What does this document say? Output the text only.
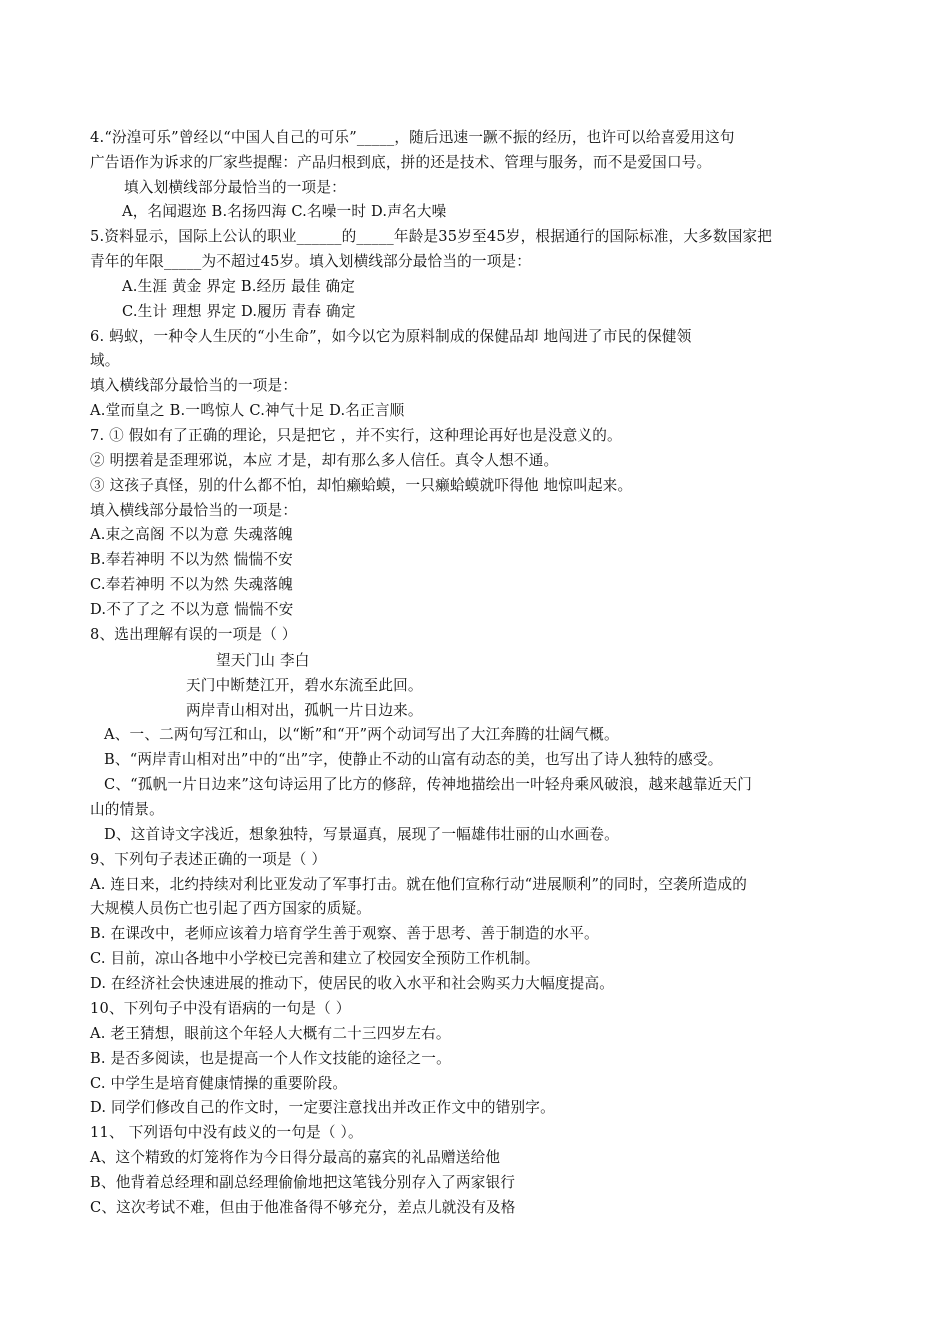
4.“汾湟可乐”曾经以“中国人自己的可乐”_____，随后迅速一蹶不振的经历，也许可以给喜爱用这句
广告语作为诉求的厂家些提醒：产品归根到底，拼的还是技术、管理与服务，而不是爱国口号。
填入划横线部分最恰当的一项是：
A，名闻遐迩 B.名扬四海 C.名噪一时 D.声名大噪
5.资料显示，国际上公认的职业______的_____年龄是35岁至45岁，根据通行的国际标准，大多数国家把
青年的年限_____为不超过45岁。填入划横线部分最恰当的一项是：
A.生涯 黄金 界定 B.经历 最佳 确定
C.生计 理想 界定 D.履历 青春 确定
6. 蚂蚁，一种令人生厌的“小生命”，如今以它为原料制成的保健品却 地闯进了市民的保健领
域。
填入横线部分最恰当的一项是：
A.堂而皇之 B.一鸣惊人 C.神气十足 D.名正言顺
7. ① 假如有了正确的理论，只是把它 ，并不实行，这种理论再好也是没意义的。
② 明摆着是歪理邪说，本应 才是，却有那么多人信任。真令人想不通。
③ 这孩子真怪，别的什么都不怕，却怕癞蛤蟆，一只癞蛤蟆就吓得他 地惊叫起来。
填入横线部分最恰当的一项是：
A.束之高阁 不以为意 失魂落魄
B.奉若神明 不以为然 惴惴不安
C.奉若神明 不以为然 失魂落魄
D.不了了之 不以为意 惴惴不安
8、选出理解有误的一项是（ ）
望天门山 李白
天门中断楚江开，碧水东流至此回。
两岸青山相对出，孤帆一片日边来。
A、一、二两句写江和山，以“断”和“开”两个动词写出了大江奔腾的壮阔气概。
B、“两岸青山相对出”中的“出”字，使静止不动的山富有动态的美，也写出了诗人独特的感受。
C、“孤帆一片日边来”这句诗运用了比方的修辞，传神地描绘出一叶轻舟乘风破浪，越来越靠近天门
山的情景。
D、这首诗文字浅近，想象独特，写景逼真，展现了一幅雄伟壮丽的山水画卷。
9、下列句子表述正确的一项是（ ）
A. 连日来，北约持续对利比亚发动了军事打击。就在他们宣称行动“进展顺利”的同时，空袭所造成的
大规模人员伤亡也引起了西方国家的质疑。
B. 在课改中，老师应该着力培育学生善于观察、善于思考、善于制造的水平。
C. 目前，凉山各地中小学校已完善和建立了校园安全预防工作机制。
D. 在经济社会快速进展的推动下，使居民的收入水平和社会购买力大幅度提高。
10、下列句子中没有语病的一句是（ ）
A. 老王猜想，眼前这个年轻人大概有二十三四岁左右。
B. 是否多阅读，也是提高一个人作文技能的途径之一。
C. 中学生是培育健康情操的重要阶段。
D. 同学们修改自己的作文时，一定要注意找出并改正作文中的错别字。
11、 下列语句中没有歧义的一句是（ ）。
A、这个精致的灯笼将作为今日得分最高的嘉宾的礼品赠送给他
B、他背着总经理和副总经理偷偷地把这笔钱分别存入了两家银行
C、这次考试不难，但由于他准备得不够充分，差点儿就没有及格
